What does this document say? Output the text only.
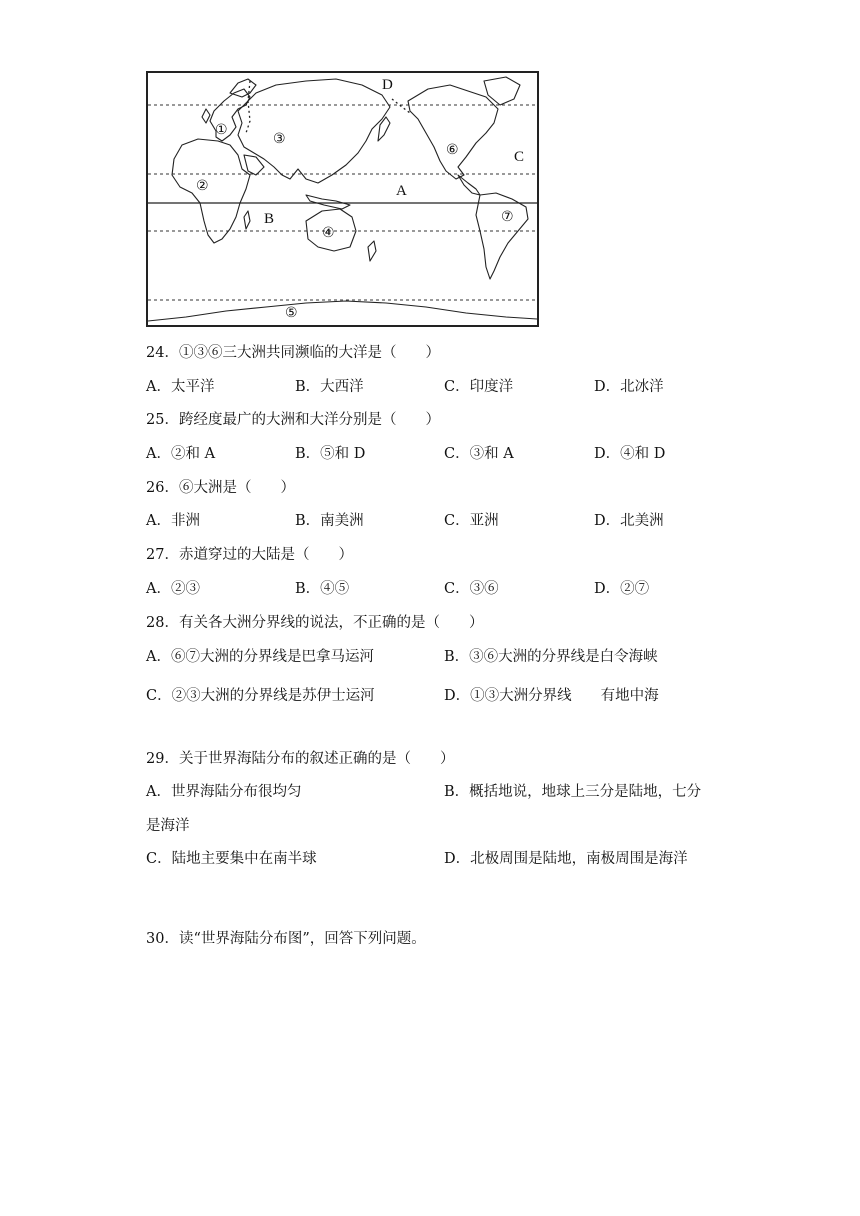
D
A
B
C
①
②
③
④
⑤
⑥
⑦
24．①③⑥三大洲共同濒临的大洋是（　　）
A．太平洋	B．大西洋	C．印度洋	D．北冰洋
25．跨经度最广的大洲和大洋分别是（　　）
A．②和 A	B．⑤和 D	C．③和 A	D．④和 D
26．⑥大洲是（　　）
A．非洲	B．南美洲	C．亚洲	D．北美洲
27．赤道穿过的大陆是（　　）
A．②③	B．④⑤	C．③⑥	D．②⑦
28．有关各大洲分界线的说法，不正确的是（　　）
A．⑥⑦大洲的分界线是巴拿马运河	B．③⑥大洲的分界线是白令海峡
C．②③大洲的分界线是苏伊士运河	D．①③大洲分界线　　有地中海
29．关于世界海陆分布的叙述正确的是（　　）
A．世界海陆分布很均匀	B．概括地说，地球上三分是陆地，七分
是海洋
C．陆地主要集中在南半球	D．北极周围是陆地，南极周围是海洋
30．读“世界海陆分布图”，回答下列问题。
